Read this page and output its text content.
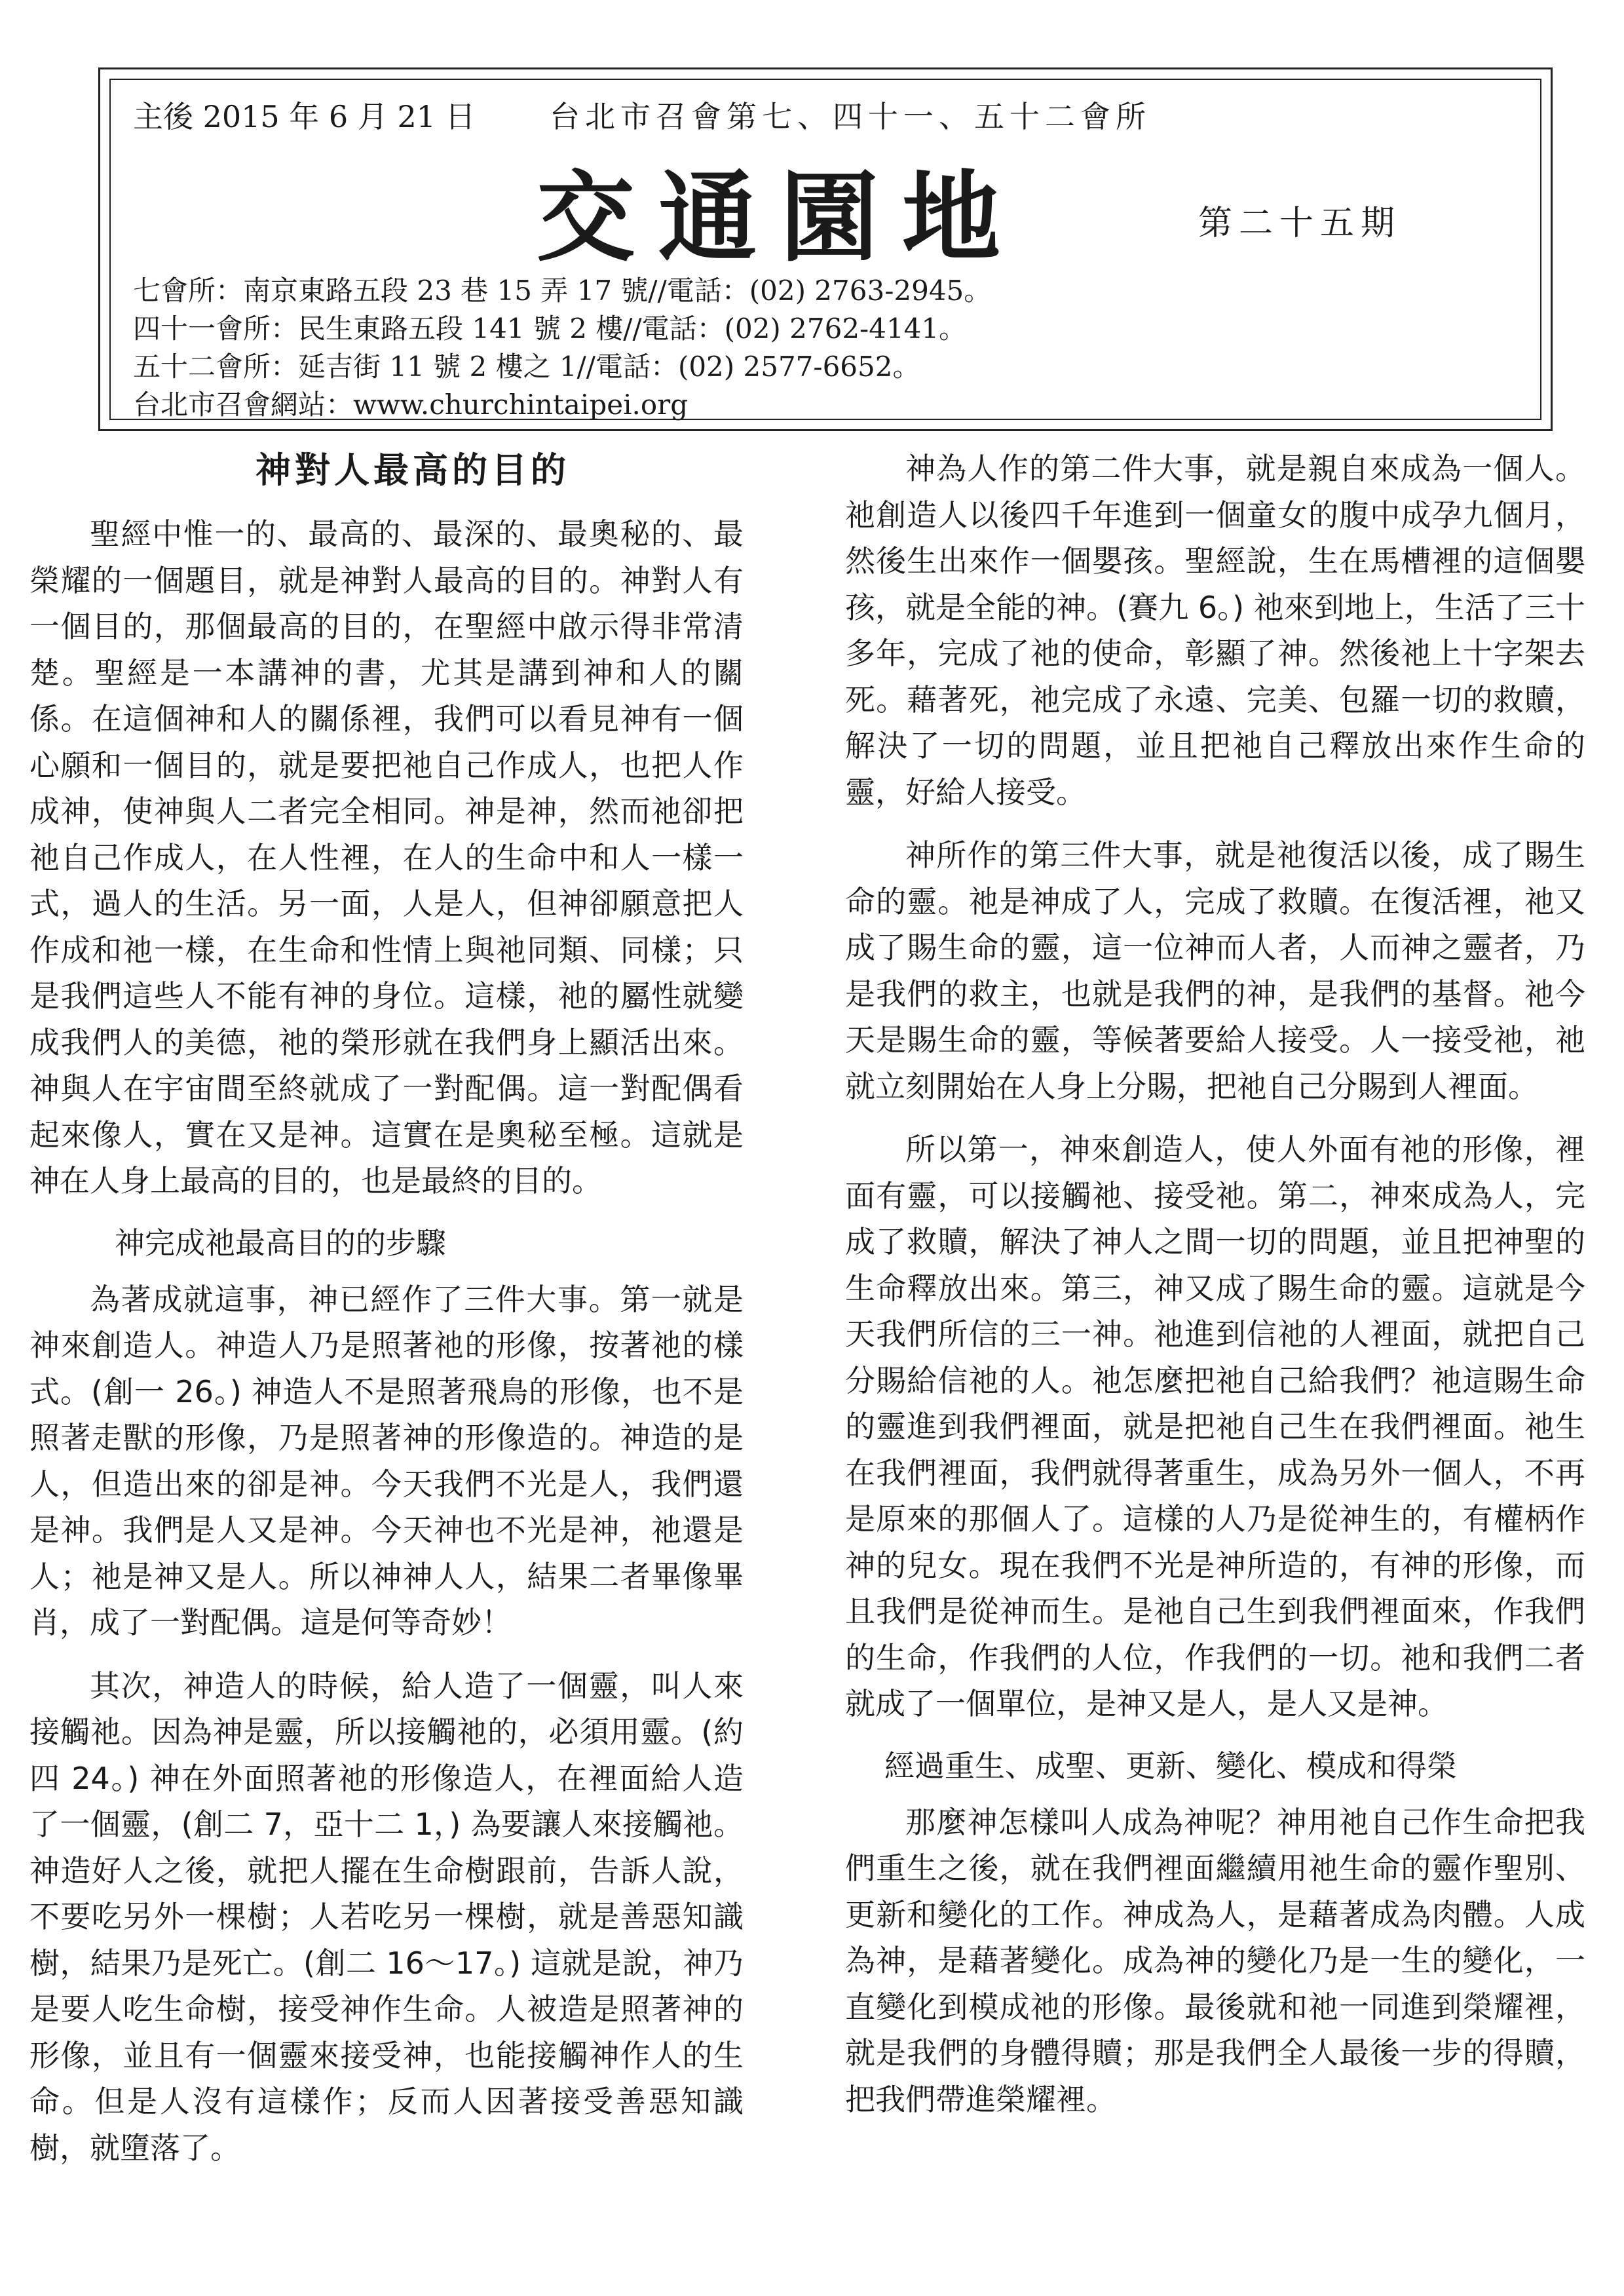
主後 2015 年 6 月 21 日 台北市召會第七、四十一、五十二會所
交通園地	第二十五期
七會所：南京東路五段 23 巷 15 弄 17 號//電話：(02) 2763-2945。
四十一會所：民生東路五段 141 號 2 樓//電話：(02) 2762-4141。
五十二會所：延吉街 11 號 2 樓之 1//電話：(02) 2577-6652。
台北市召會網站：www.churchintaipei.org
神對人最高的目的

聖經中惟一的、最高的、最深的、最奧秘的、最榮耀的一個題目，就是神對人最高的目的。神對人有一個目的，那個最高的目的，在聖經中啟示得非常清楚。聖經是一本講神的書，尤其是講到神和人的關係。在這個神和人的關係裡，我們可以看見神有一個心願和一個目的，就是要把祂自己作成人，也把人作成神，使神與人二者完全相同。神是神，然而祂卻把祂自己作成人，在人性裡，在人的生命中和人一樣一式，過人的生活。另一面，人是人，但神卻願意把人作成和祂一樣，在生命和性情上與祂同類、同樣；只是我們這些人不能有神的身位。這樣，祂的屬性就變成我們人的美德，祂的榮形就在我們身上顯活出來。神與人在宇宙間至終就成了一對配偶。這一對配偶看起來像人，實在又是神。這實在是奧秘至極。這就是神在人身上最高的目的，也是最終的目的。

神完成祂最高目的的步驟

為著成就這事，神已經作了三件大事。第一就是神來創造人。神造人乃是照著祂的形像，按著祂的樣式。(創一 26。) 神造人不是照著飛鳥的形像，也不是照著走獸的形像，乃是照著神的形像造的。神造的是人，但造出來的卻是神。今天我們不光是人，我們還是神。我們是人又是神。今天神也不光是神，祂還是人；祂是神又是人。所以神神人人，結果二者畢像畢肖，成了一對配偶。這是何等奇妙！

其次，神造人的時候，給人造了一個靈，叫人來接觸祂。因為神是靈，所以接觸祂的，必須用靈。(約四 24。) 神在外面照著祂的形像造人，在裡面給人造了一個靈，(創二 7，亞十二 1，) 為要讓人來接觸祂。神造好人之後，就把人擺在生命樹跟前，告訴人說，不要吃另外一棵樹；人若吃另一棵樹，就是善惡知識樹，結果乃是死亡。(創二 16～17。) 這就是說，神乃是要人吃生命樹，接受神作生命。人被造是照著神的形像，並且有一個靈來接受神，也能接觸神作人的生命。但是人沒有這樣作；反而人因著接受善惡知識樹，就墮落了。

神為人作的第二件大事，就是親自來成為一個人。祂創造人以後四千年進到一個童女的腹中成孕九個月，然後生出來作一個嬰孩。聖經說，生在馬槽裡的這個嬰孩，就是全能的神。(賽九 6。) 祂來到地上，生活了三十多年，完成了祂的使命，彰顯了神。然後祂上十字架去死。藉著死，祂完成了永遠、完美、包羅一切的救贖，解決了一切的問題，並且把祂自己釋放出來作生命的靈，好給人接受。

神所作的第三件大事，就是祂復活以後，成了賜生命的靈。祂是神成了人，完成了救贖。在復活裡，祂又成了賜生命的靈，這一位神而人者，人而神之靈者，乃是我們的救主，也就是我們的神，是我們的基督。祂今天是賜生命的靈，等候著要給人接受。人一接受祂，祂就立刻開始在人身上分賜，把祂自己分賜到人裡面。

所以第一，神來創造人，使人外面有祂的形像，裡面有靈，可以接觸祂、接受祂。第二，神來成為人，完成了救贖，解決了神人之間一切的問題，並且把神聖的生命釋放出來。第三，神又成了賜生命的靈。這就是今天我們所信的三一神。祂進到信祂的人裡面，就把自己分賜給信祂的人。祂怎麼把祂自己給我們？祂這賜生命的靈進到我們裡面，就是把祂自己生在我們裡面。祂生在我們裡面，我們就得著重生，成為另外一個人，不再是原來的那個人了。這樣的人乃是從神生的，有權柄作神的兒女。現在我們不光是神所造的，有神的形像，而且我們是從神而生。是祂自己生到我們裡面來，作我們的生命，作我們的人位，作我們的一切。祂和我們二者就成了一個單位，是神又是人，是人又是神。

經過重生、成聖、更新、變化、模成和得榮

那麼神怎樣叫人成為神呢？神用祂自己作生命把我們重生之後，就在我們裡面繼續用祂生命的靈作聖別、更新和變化的工作。神成為人，是藉著成為肉體。人成為神，是藉著變化。成為神的變化乃是一生的變化，一直變化到模成祂的形像。最後就和祂一同進到榮耀裡，就是我們的身體得贖；那是我們全人最後一步的得贖，把我們帶進榮耀裡。
